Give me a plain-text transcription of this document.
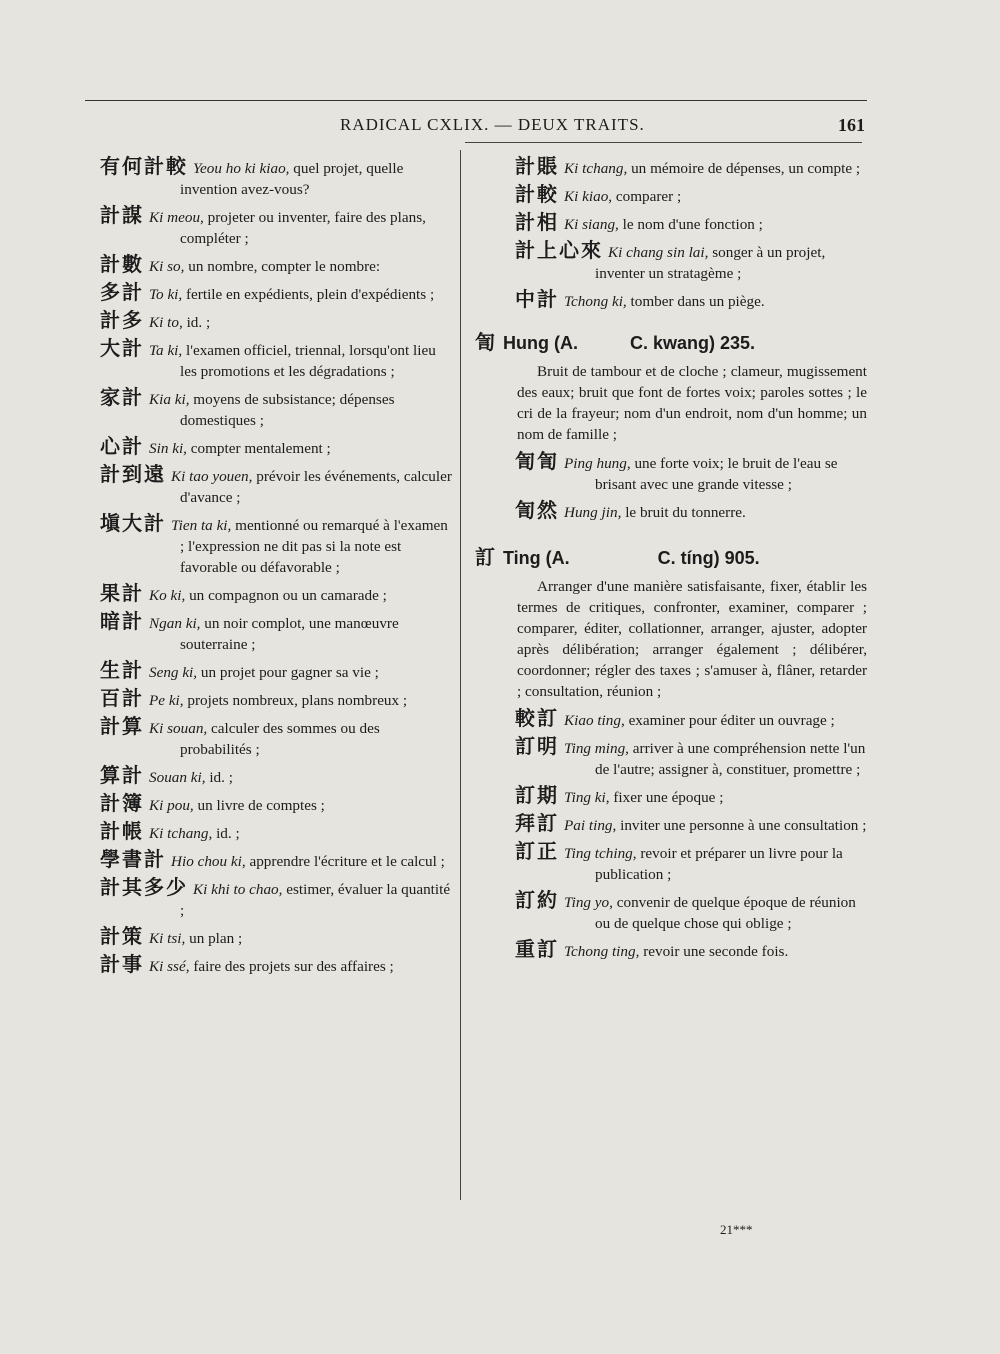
RADICAL CXLIX. — DEUX TRAITS.	161
有何計較 Yeou ho ki kiao, quel projet, quelle invention avez-vous?
計謀 Ki meou, projeter ou inventer, faire des plans, compléter ;
計數 Ki so, un nombre, compter le nombre:
多計 To ki, fertile en expédients, plein d'expédients ;
計多 Ki to, id. ;
大計 Ta ki, l'examen officiel, triennal, lorsqu'ont lieu les promotions et les dégradations ;
家計 Kia ki, moyens de subsistance; dépenses domestiques ;
心計 Sin ki, compter mentalement ;
計到遠 Ki tao youen, prévoir les événements, calculer d'avance ;
塡大計 Tien ta ki, mentionné ou remarqué à l'examen ; l'expression ne dit pas si la note est favorable ou défavorable ;
果計 Ko ki, un compagnon ou un camarade ;
暗計 Ngan ki, un noir complot, une manœuvre souterraine ;
生計 Seng ki, un projet pour gagner sa vie ;
百計 Pe ki, projets nombreux, plans nombreux ;
計算 Ki souan, calculer des sommes ou des probabilités ;
算計 Souan ki, id. ;
計簿 Ki pou, un livre de comptes ;
計帳 Ki tchang, id. ;
學書計 Hio chou ki, apprendre l'écriture et le calcul ;
計其多少 Ki khi to chao, estimer, évaluer la quantité ;
計策 Ki tsi, un plan ;
計事 Ki ssé, faire des projets sur des affaires ;
計賬 Ki tchang, un mémoire de dépenses, un compte ;
計較 Ki kiao, comparer ;
計相 Ki siang, le nom d'une fonction ;
計上心來 Ki chang sin lai, songer à un projet, inventer un stratagème ;
中計 Tchong ki, tomber dans un piège.
訇 Hung (A.	C. kwang) 235.
Bruit de tambour et de cloche ; clameur, mugissement des eaux; bruit que font de fortes voix; paroles sottes ; le cri de la frayeur; nom d'un endroit, nom d'un homme; un nom de famille ;
訇訇 Ping hung, une forte voix; le bruit de l'eau se brisant avec une grande vitesse ;
訇然 Hung jin, le bruit du tonnerre.
訂 Ting (A.	C. tíng) 905.
Arranger d'une manière satisfaisante, fixer, établir les termes de critiques, confronter, examiner, comparer ; comparer, éditer, collationner, arranger, ajuster, adopter après délibération; arranger également ; délibérer, coordonner; régler des taxes ; s'amuser à, flâner, retarder ; consultation, réunion ;
較訂 Kiao ting, examiner pour éditer un ouvrage ;
訂明 Ting ming, arriver à une compréhension nette l'un de l'autre; assigner à, constituer, promettre ;
訂期 Ting ki, fixer une époque ;
拜訂 Pai ting, inviter une personne à une consultation ;
訂正 Ting tching, revoir et préparer un livre pour la publication ;
訂約 Ting yo, convenir de quelque époque de réunion ou de quelque chose qui oblige ;
重訂 Tchong ting, revoir une seconde fois.
21***
